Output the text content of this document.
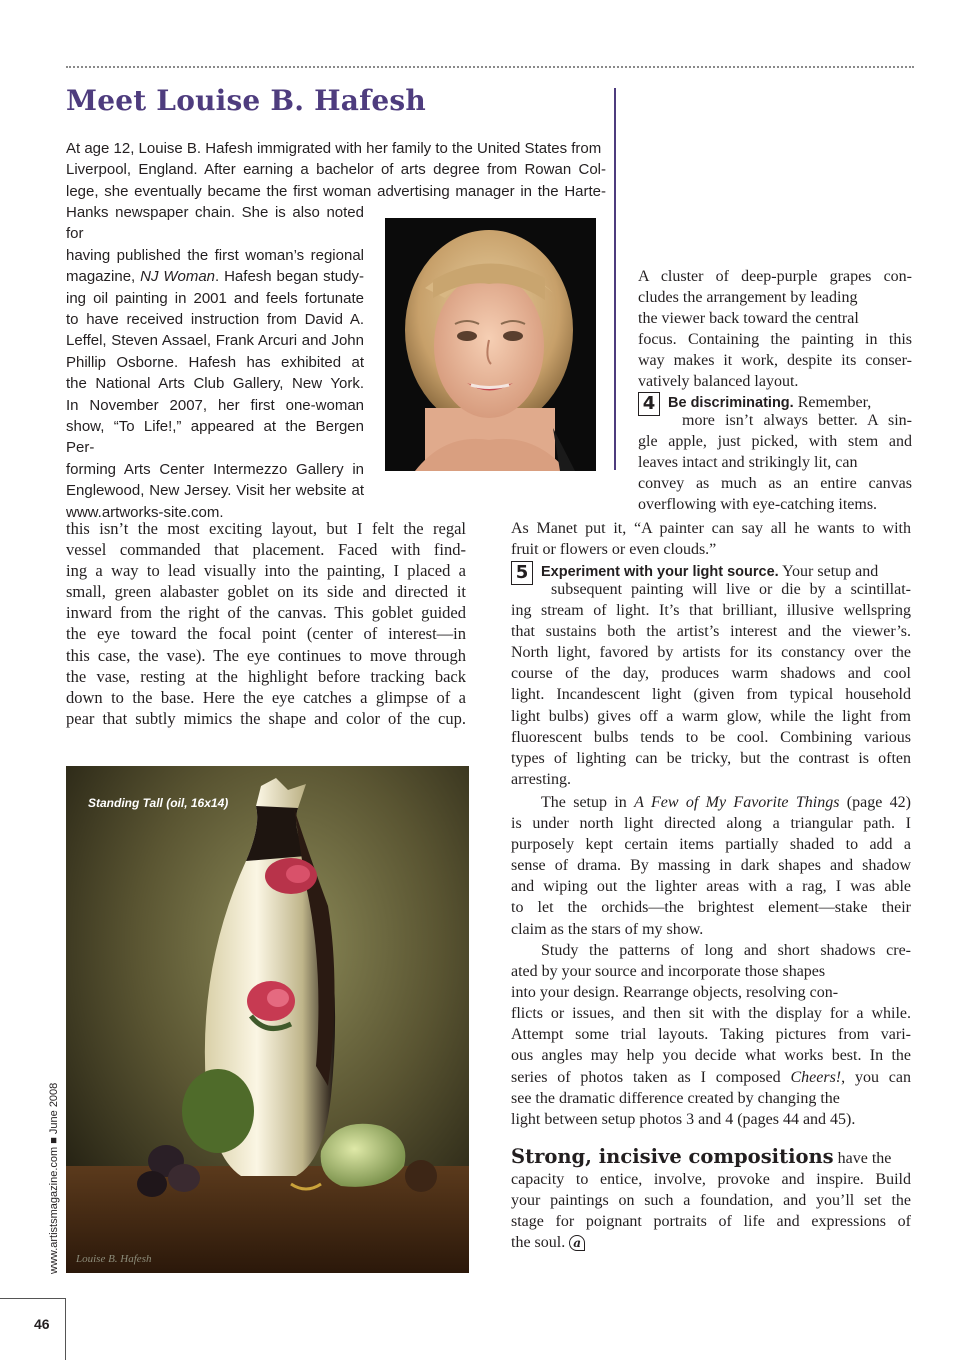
Meet Louise B. Hafesh
At age 12, Louise B. Hafesh immigrated with her family to the United States from
Liverpool, England. After earning a bachelor of arts degree from Rowan Col-
lege, she eventually became the first woman advertising manager in the Harte-
Hanks newspaper chain. She is also noted for
having published the first woman’s regional
magazine, NJ Woman. Hafesh began study-
ing oil painting in 2001 and feels fortunate
to have received instruction from David A.
Leffel, Steven Assael, Frank Arcuri and John
Phillip Osborne. Hafesh has exhibited at
the National Arts Club Gallery, New York.
In November 2007, her first one-woman
show, “To Life!,” appeared at the Bergen Per-
forming Arts Center Intermezzo Gallery in
Englewood, New Jersey. Visit her website at
www.artworks-site.com.
this isn’t the most exciting layout, but I felt the regal
vessel commanded that placement. Faced with find-
ing a way to lead visually into the painting, I placed a
small, green alabaster goblet on its side and directed it
inward from the right of the canvas. This goblet guided
the eye toward the focal point (center of interest—in
this case, the vase). The eye continues to move through
the vase, resting at the highlight before tracking back
down to the base. Here the eye catches a glimpse of a
pear that subtly mimics the shape and color of the cup.
Louise B. Hafesh
Standing Tall (oil, 16x14)
A cluster of deep-purple grapes con-
cludes the arrangement by leading
the viewer back toward the central
focus. Containing the painting in this
way makes it work, despite its conser-
vatively balanced layout.
4 Be discriminating. Remember,
more isn’t always better. A sin-
gle apple, just picked, with stem and
leaves intact and strikingly lit, can
convey as much as an entire canvas
overflowing with eye-catching items.
As Manet put it, “A painter can say all he wants to with
fruit or flowers or even clouds.”
5 Experiment with your light source. Your setup and
subsequent painting will live or die by a scintillat-
ing stream of light. It’s that brilliant, illusive wellspring
that sustains both the artist’s interest and the viewer’s.
North light, favored by artists for its constancy over the
course of the day, produces warm shadows and cool
light. Incandescent light (given from typical household
light bulbs) gives off a warm glow, while the light from
fluorescent bulbs tends to be cool. Combining various
types of lighting can be tricky, but the contrast is often
arresting.
The setup in A Few of My Favorite Things (page 42)
is under north light directed along a triangular path. I
purposely kept certain items partially shaded to add a
sense of drama. By massing in dark shapes and shadow
and wiping out the lighter areas with a rag, I was able
to let the orchids—the brightest element—stake their
claim as the stars of my show.
Study the patterns of long and short shadows cre-
ated by your source and incorporate those shapes
into your design. Rearrange objects, resolving con-
flicts or issues, and then sit with the display for a while.
Attempt some trial layouts. Taking pictures from vari-
ous angles may help you decide what works best. In the
series of photos taken as I composed Cheers!, you can
see the dramatic difference created by changing the
light between setup photos 3 and 4 (pages 44 and 45).
Strong, incisive compositions have the
capacity to entice, involve, provoke and inspire. Build
your paintings on such a foundation, and you’ll set the
stage for poignant portraits of life and expressions of
the soul. a
www.artistsmagazine.com ■ June 2008
46
